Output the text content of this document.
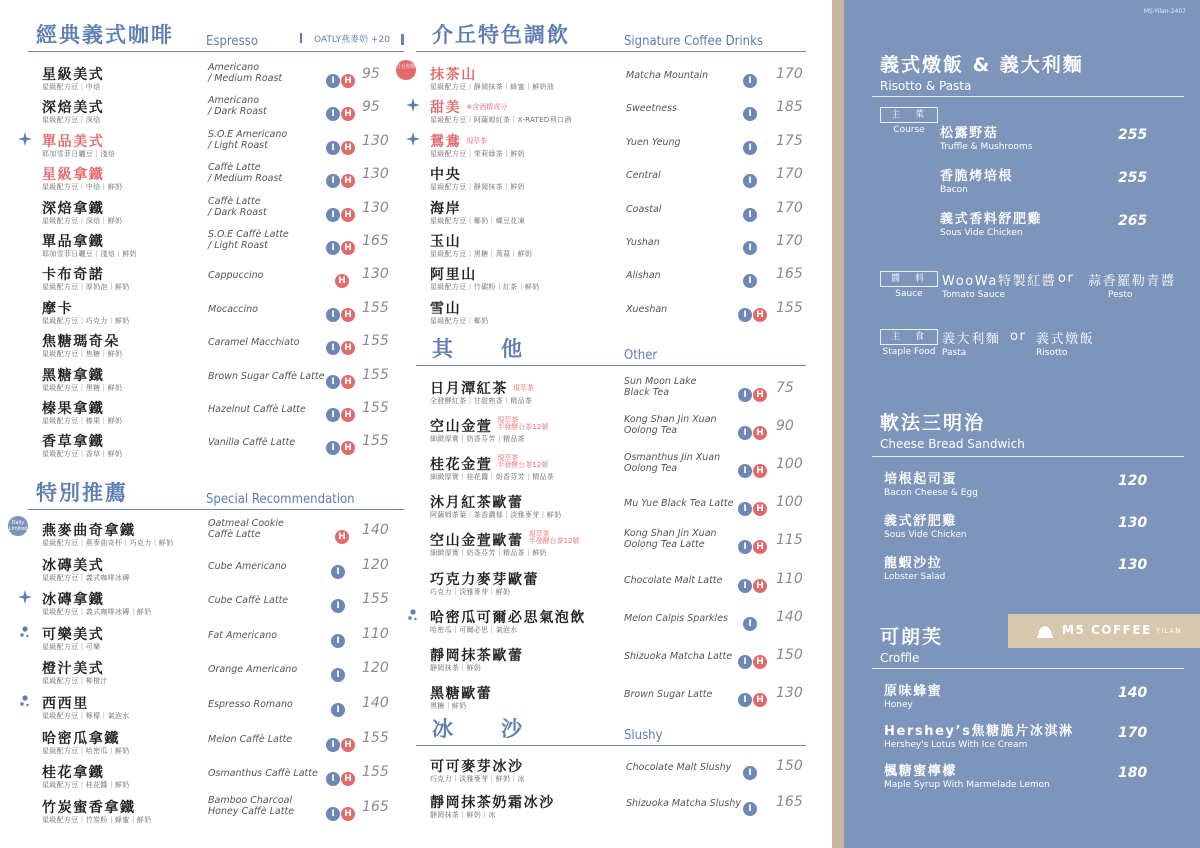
經典義式咖啡 Espresso	OATLY燕麥奶 +20
星級美式
星級配方豆｜中焙
Americano
/ Medium Roast	I H 95
深焙美式
星級配方豆｜深焙
Americano
/ Dark Roast	I H 95
單品美式
耶加雪菲日曬豆｜淺焙
S.O.E Americano
/ Light Roast	I H 130
星級拿鐵
星級配方豆｜中焙｜鮮奶
Caffè Latte
/ Medium Roast	I H 130
深焙拿鐵
星級配方豆｜深焙｜鮮奶
Caffè Latte
/ Dark Roast	I H 130
單品拿鐵
耶加雪菲日曬豆｜淺焙｜鮮奶
S.O.E Caffè Latte
/ Light Roast	I H 165
卡布奇諾
星級配方豆｜厚奶泡｜鮮奶
Cappuccino	H	130
摩卡
星級配方豆｜巧克力｜鮮奶
Mocaccino	I H 155
焦糖瑪奇朵
星級配方豆｜焦糖｜鮮奶
Caramel Macchiato	I H 155
黑糖拿鐵
星級配方豆｜黑糖｜鮮奶
Brown Sugar Caffè Latte I H 155
榛果拿鐵
星級配方豆｜榛果｜鮮奶
Hazelnut Caffè Latte	I H 155
香草拿鐵
星級配方豆｜香草｜鮮奶
Vanilla Caffè Latte	I H 155
特別推薦	Special Recommendation
Daily Limited 燕麥曲奇拿鐵
星級配方豆｜燕麥曲奇杯｜巧克力｜鮮奶
Oatmeal Cookie
Caffè Latte	H	140
冰磚美式
星級配方豆｜義式咖啡冰磚
Cube Americano	I	120
冰磚拿鐵
星級配方豆｜義式咖啡冰磚｜鮮奶
Cube Caffè Latte	I	155
可樂美式
星級配方豆｜可樂
Fat Americano	I	110
橙汁美式
星級配方豆｜柳橙汁
Orange Americano	I	120
西西里
星級配方豆｜檸檬｜氣泡水
Espresso Romano	I	140
哈密瓜拿鐵
星級配方豆｜哈密瓜｜鮮奶
Melon Caffè Latte	I H 155
桂花拿鐵
星級配方豆｜桂花醬｜鮮奶
Osmanthus Caffè Latte	I H 155
竹炭蜜香拿鐵
星級配方豆｜竹炭粉｜蜂蜜｜鮮奶
Bamboo Charcoal
Honey Caffè Latte	I H 165
介丘特色調飲	Signature Coffee Drinks
介丘招牌 抹茶山
星級配方豆｜靜岡抹茶｜蜂蜜｜鮮奶油
Matcha Mountain	I	170
甜美 $^{※含酒精成分}$
星級配方豆｜阿薩姆紅茶｜X-RATED利口酒
Sweetness	I	185
鴛鴦 $^{現萃茶}$
星級配方豆｜茉莉綠茶｜鮮奶
Yuen Yeung	I	175
中央
星級配方豆｜靜岡抹茶｜鮮奶
Central	I	170
海岸
星級配方豆｜椰奶｜蝶豆花凍
Coastal	I	170
玉山
星級配方豆｜黑糖｜蒟蒻｜鮮奶
Yushan	I	170
阿里山
星級配方豆｜竹碳粉｜紅茶｜鮮奶
Alishan	I	165
雪山
星級配方豆｜椰奶
Xueshan	I H 155
其　　他	Other
日月潭紅茶 $^{現萃茶}$
全發酵紅茶｜甘甜熟香｜精品茶
Sun Moon Lake
Black Tea	I H 75
空山金萱 現萃茶
半發酵台茶12號
細緻厚實｜奶香芬芳｜精品茶
Kong Shan Jin Xuan
Oolong Tea	I H 90
桂花金萱 現萃茶
半發酵台茶12號
細緻厚實｜桂花醬｜奶香芬芳｜精品茶
Osmanthus Jin Xuan
Oolong Tea	I H 100
沐月紅茶歐蕾
阿薩姆茶葉｜茶香濃郁｜淡雅麥芽｜鮮奶
Mu Yue Black Tea Latte	I H 100
空山金萱歐蕾 現萃茶
半發酵台茶12號
細緻厚實｜奶香芬芳｜精品茶｜鮮奶
Kong Shan Jin Xuan
Oolong Tea Latte	I H 115
巧克力麥芽歐蕾
巧克力｜淡雅麥芽｜鮮奶
Chocolate Malt Latte	I H 110
哈密瓜可爾必思氣泡飲
哈密瓜｜可爾必思｜氣泡水
Melon Calpis Sparkles	I	140
靜岡抹茶歐蕾
靜岡抹茶｜鮮奶
Shizuoka Matcha Latte	I H 150
黑糖歐蕾
黑糖｜鮮奶
Brown Sugar Latte	I H 130
冰　　沙	Slushy
可可麥芽冰沙
巧克力｜淡雅麥芽｜鮮奶｜冰
Chocolate Malt Slushy	I	150
靜岡抹茶奶霜冰沙
靜岡抹茶｜鮮奶｜冰
Shizuoka Matcha Slushy I	165
MS-Yilan-2407
義式燉飯 & 義大利麵
Risotto & Pasta
主　菜
Course	松露野菇
Truffle & Mushrooms
255
香脆烤培根
Bacon
255
義式香料舒肥雞
Sous Vide Chicken
265
醬　料
Sauce
WooWa特製紅醬
Tomato Sauce
or 蒜香羅勒青醬
Pesto
主　食
Staple Food
義大利麵
Pasta
or 義式燉飯
Risotto
軟法三明治
Cheese Bread Sandwich
培根起司蛋
Bacon Cheese & Egg
120
義式舒肥雞
Sous Vide Chicken
130
龍蝦沙拉
Lobster Salad
130
可朗芙
Croffle
M5 COFFEE YILAN
原味蜂蜜
Honey
140
Hershey’s焦糖脆片冰淇淋
Hershey's Lotus With Ice Cream
170
楓糖蜜檸檬
Maple Syrup With Marmelade Lemon
180
